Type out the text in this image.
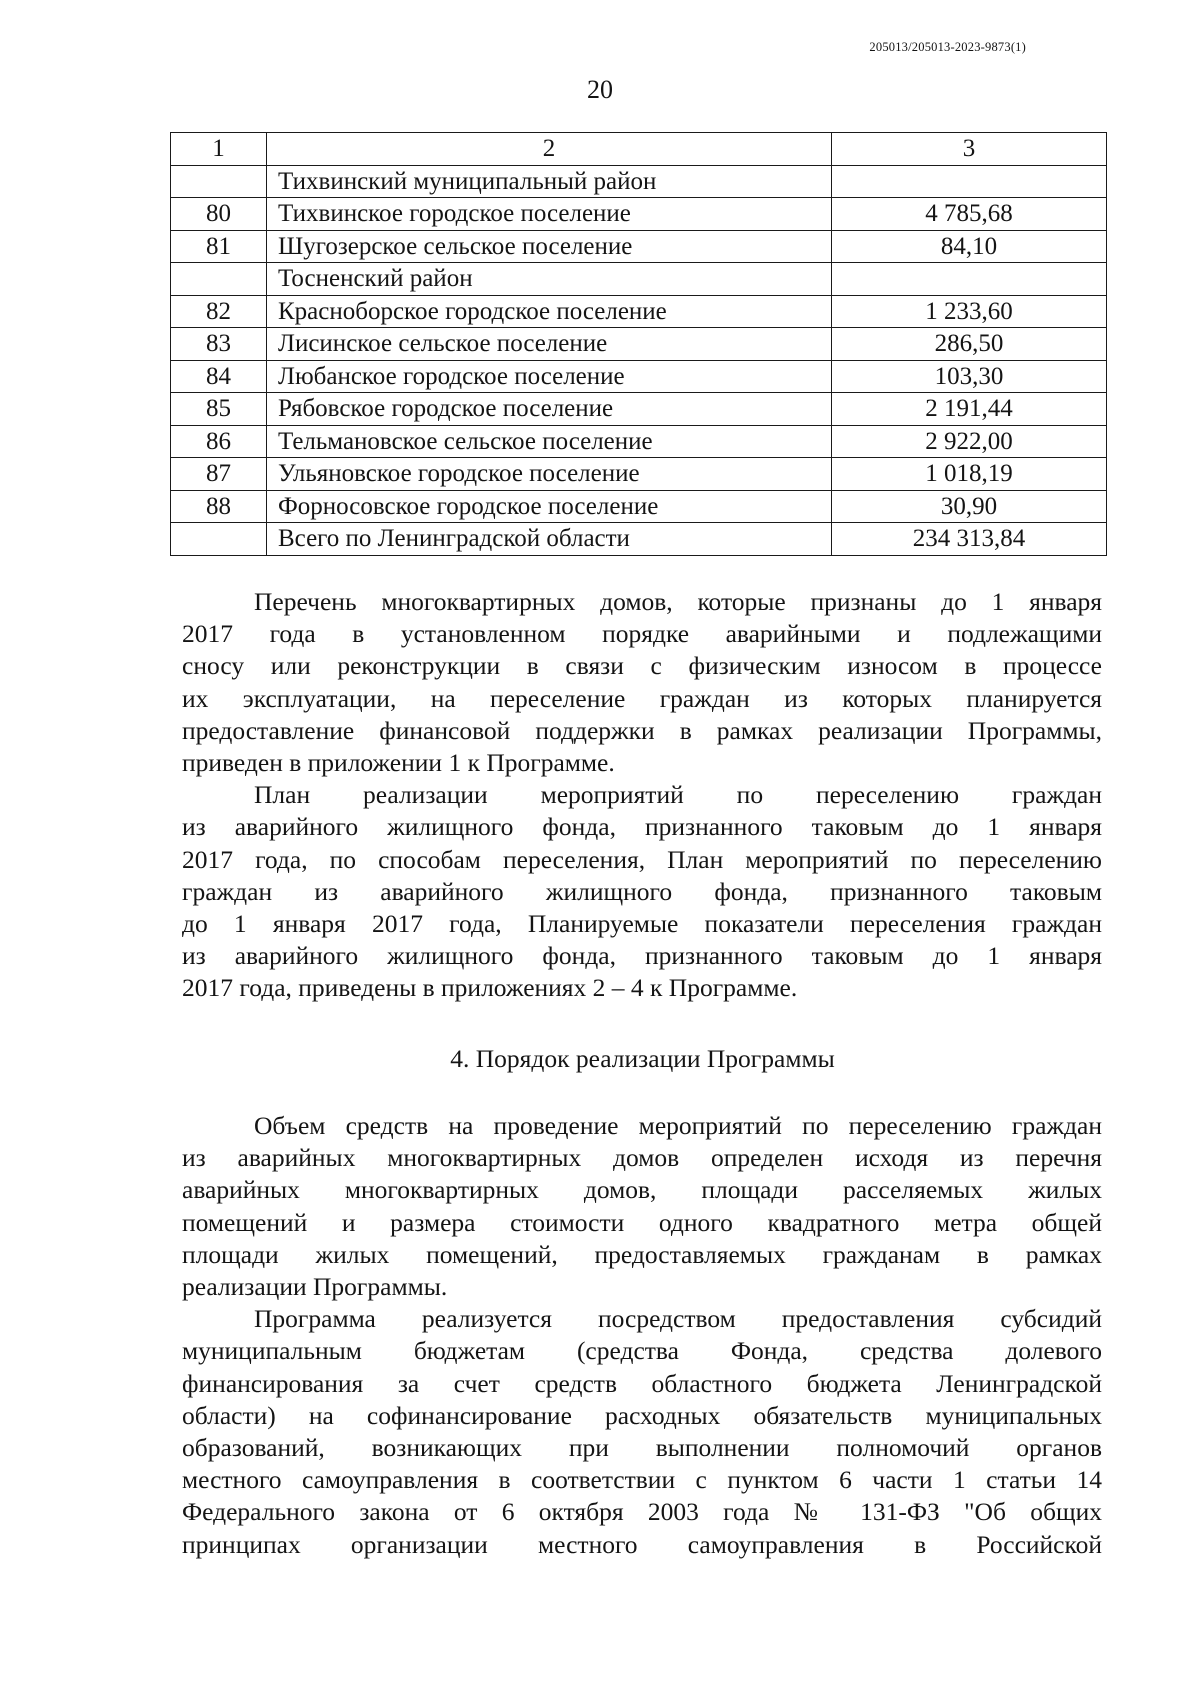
205013/205013-2023-9873(1)
20
1	2	3
	Тихвинский муниципальный район	
80	Тихвинское городское поселение	4 785,68
81	Шугозерское сельское поселение	84,10
	Тосненский район	
82	Красноборское городское поселение	1 233,60
83	Лисинское сельское поселение	286,50
84	Любанское городское поселение	103,30
85	Рябовское городское поселение	2 191,44
86	Тельмановское сельское поселение	2 922,00
87	Ульяновское городское поселение	1 018,19
88	Форносовское городское поселение	30,90
	Всего по Ленинградской области	234 313,84

Перечень многоквартирных домов, которые признаны до 1 января
2017 года в установленном порядке аварийными и подлежащими
сносу или реконструкции в связи с физическим износом в процессе
их эксплуатации, на переселение граждан из которых планируется
предоставление финансовой поддержки в рамках реализации Программы,
приведен в приложении 1 к Программе.

План реализации мероприятий по переселению граждан
из аварийного жилищного фонда, признанного таковым до 1 января
2017 года, по способам переселения, План мероприятий по переселению
граждан из аварийного жилищного фонда, признанного таковым
до 1 января 2017 года, Планируемые показатели переселения граждан
из аварийного жилищного фонда, признанного таковым до 1 января
2017 года, приведены в приложениях 2 – 4 к Программе.

4. Порядок реализации Программы

Объем средств на проведение мероприятий по переселению граждан
из аварийных многоквартирных домов определен исходя из перечня
аварийных многоквартирных домов, площади расселяемых жилых
помещений и размера стоимости одного квадратного метра общей
площади жилых помещений, предоставляемых гражданам в рамках
реализации Программы.

Программа реализуется посредством предоставления субсидий
муниципальным бюджетам (средства Фонда, средства долевого
финансирования за счет средств областного бюджета Ленинградской
области) на софинансирование расходных обязательств муниципальных
образований, возникающих при выполнении полномочий органов
местного самоуправления в соответствии с пунктом 6 части 1 статьи 14
Федерального закона от 6 октября 2003 года № 131-ФЗ "Об общих
принципах организации местного самоуправления в Российской
